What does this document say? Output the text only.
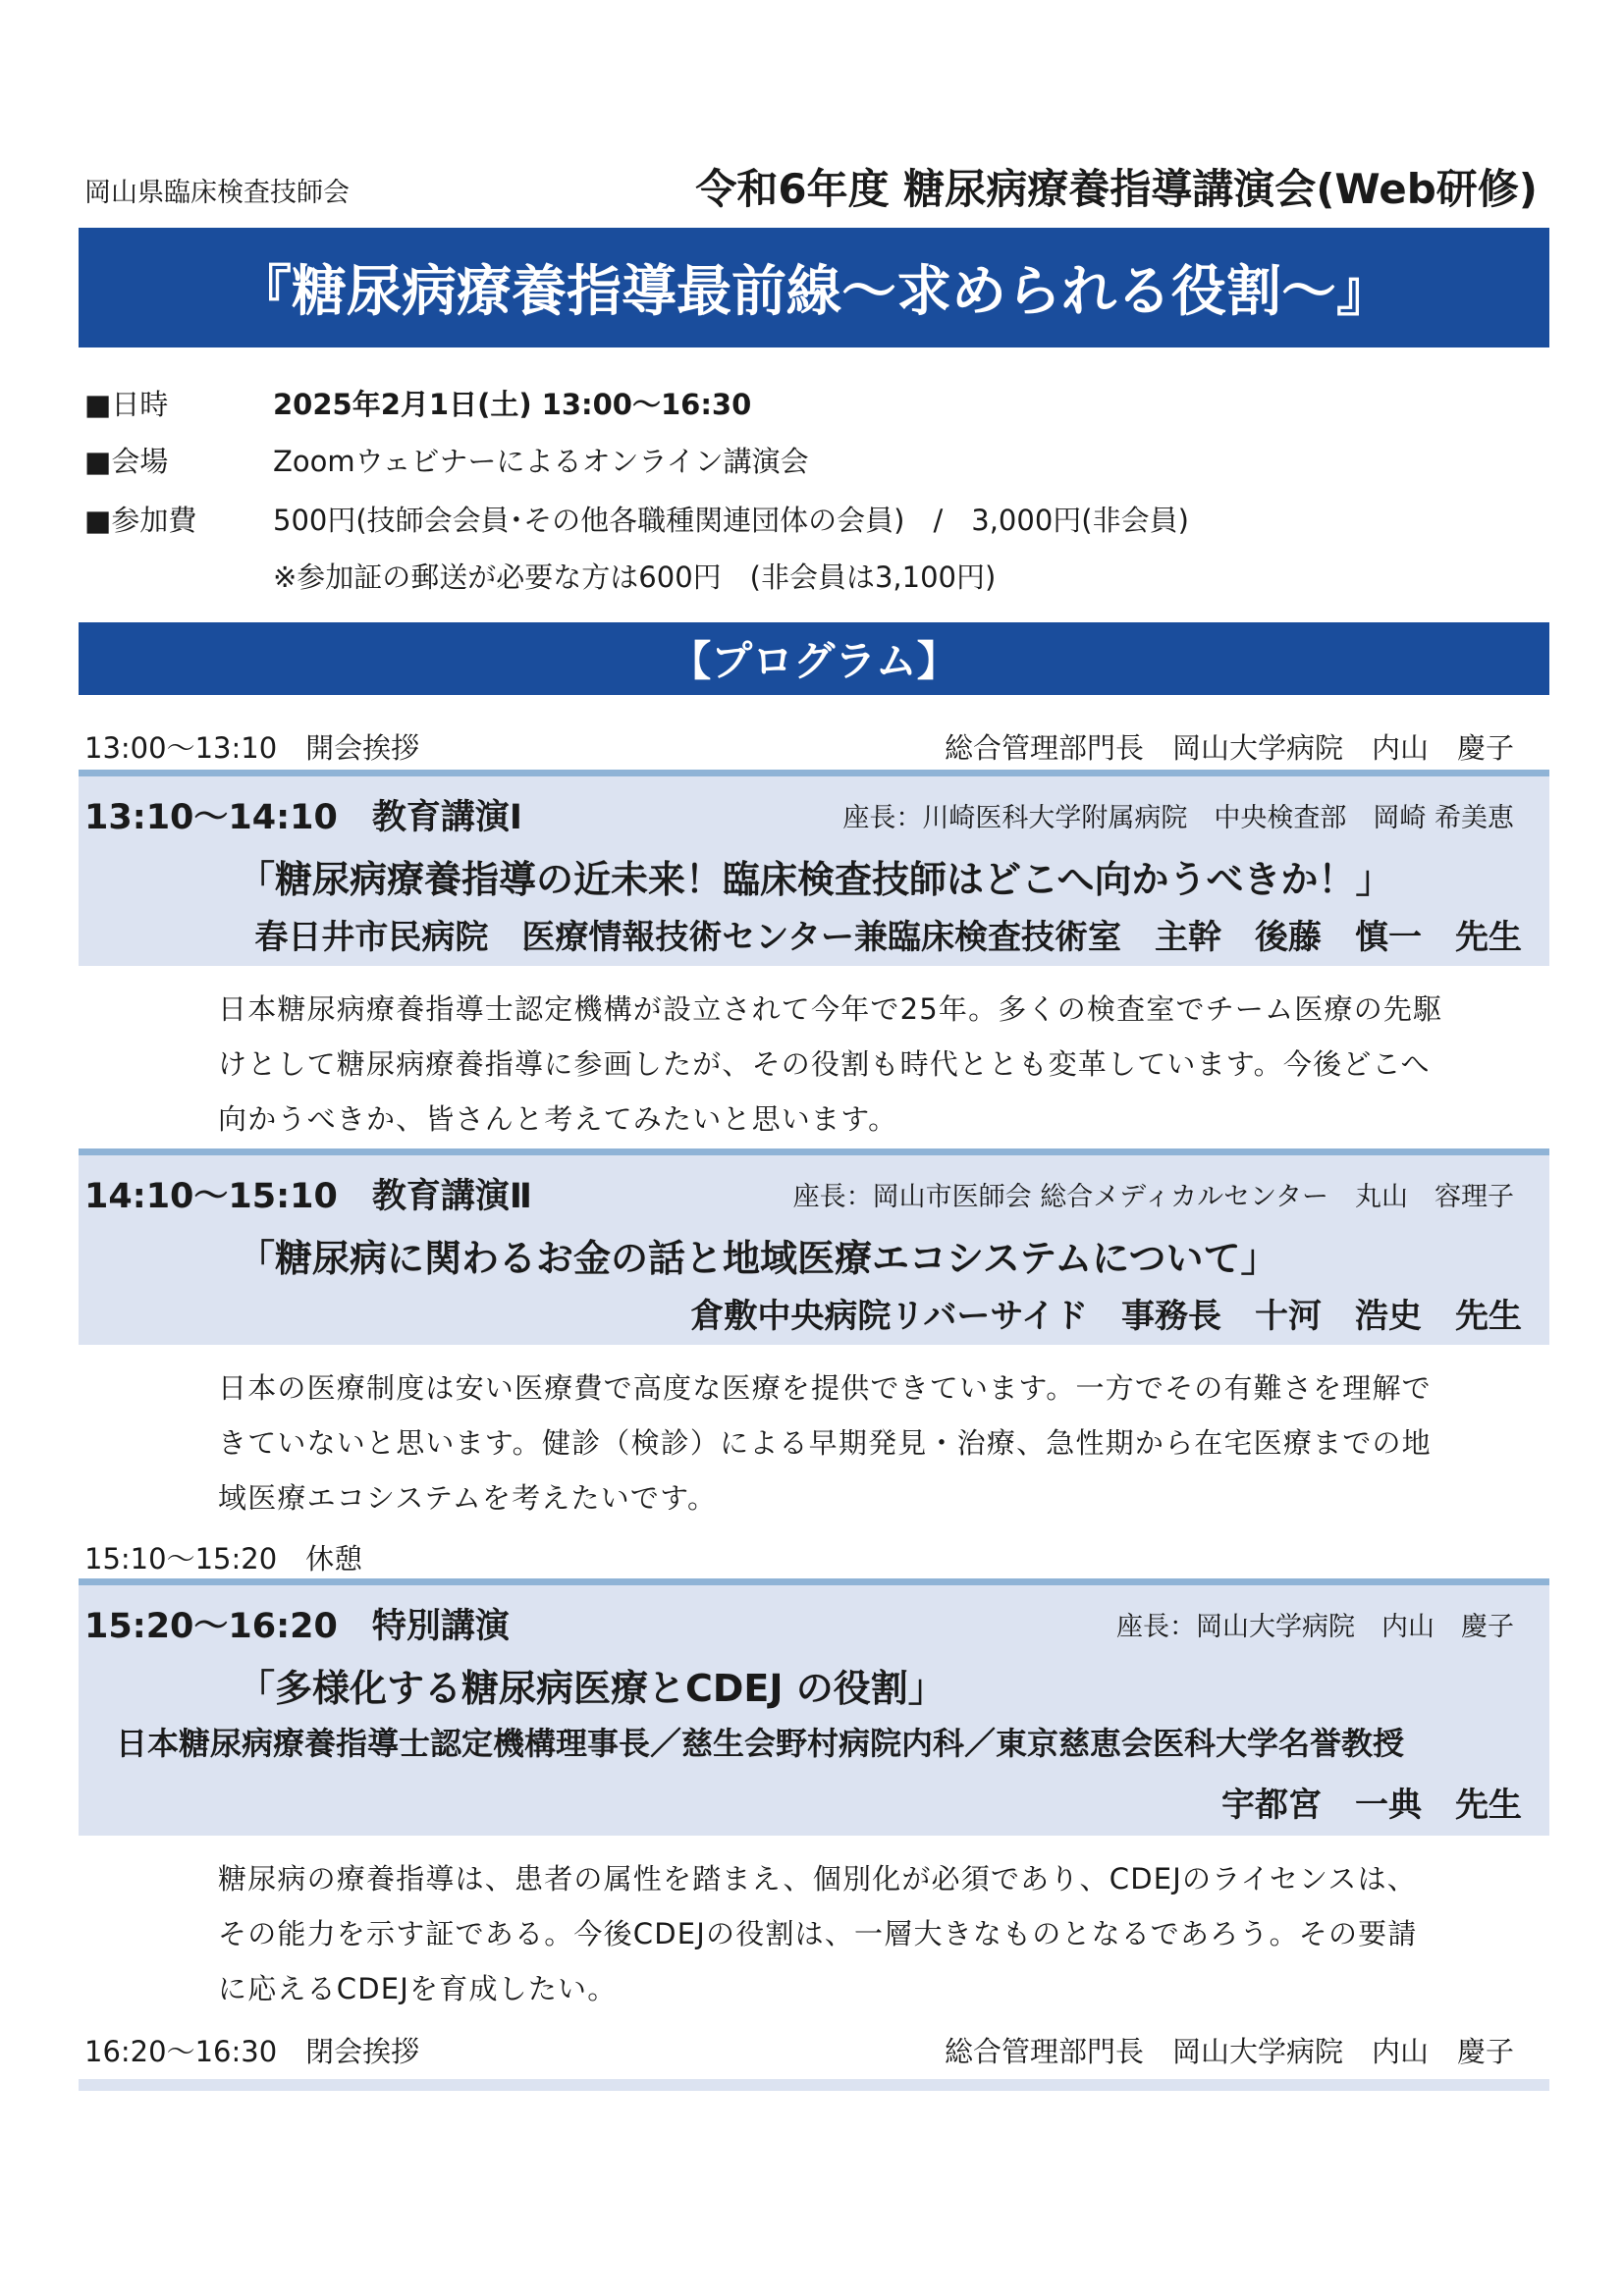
岡山県臨床検査技師会	令和6年度 糖尿病療養指導講演会(Web研修)
『糖尿病療養指導最前線～求められる役割～』
■日時	2025年2月1日(土) 13:00～16:30
■会場	Zoomウェビナーによるオンライン講演会
■参加費	500円(技師会会員･その他各職種関連団体の会員)　/　3,000円(非会員)
※参加証の郵送が必要な方は600円　(非会員は3,100円)
【プログラム】
13:00～13:10　開会挨拶	総合管理部門長　岡山大学病院　内山　慶子
13:10～14:10　教育講演Ⅰ	座長：川崎医科大学附属病院　中央検査部　岡崎 希美恵
「糖尿病療養指導の近未来！臨床検査技師はどこへ向かうべきか！」
春日井市民病院　医療情報技術センター兼臨床検査技術室　主幹　後藤　慎一　先生
日本糖尿病療養指導士認定機構が設立されて今年で25年。多くの検査室でチーム医療の先駆
けとして糖尿病療養指導に参画したが、その役割も時代ととも変革しています。今後どこへ
向かうべきか、皆さんと考えてみたいと思います。
14:10～15:10　教育講演Ⅱ	座長：岡山市医師会 総合メディカルセンター　丸山　容理子
「糖尿病に関わるお金の話と地域医療エコシステムについて」
倉敷中央病院リバーサイド　事務長　十河　浩史　先生
日本の医療制度は安い医療費で高度な医療を提供できています。一方でその有難さを理解で
きていないと思います。健診（検診）による早期発見・治療、急性期から在宅医療までの地
域医療エコシステムを考えたいです。
15:10～15:20　休憩
15:20～16:20　特別講演	座長：岡山大学病院　内山　慶子
「多様化する糖尿病医療とCDEJ の役割」
日本糖尿病療養指導士認定機構理事長／慈生会野村病院内科／東京慈恵会医科大学名誉教授
宇都宮　一典　先生
糖尿病の療養指導は、患者の属性を踏まえ、個別化が必須であり、CDEJのライセンスは、
その能力を示す証である。今後CDEJの役割は、一層大きなものとなるであろう。その要請
に応えるCDEJを育成したい。
16:20～16:30　閉会挨拶	総合管理部門長　岡山大学病院　内山　慶子
